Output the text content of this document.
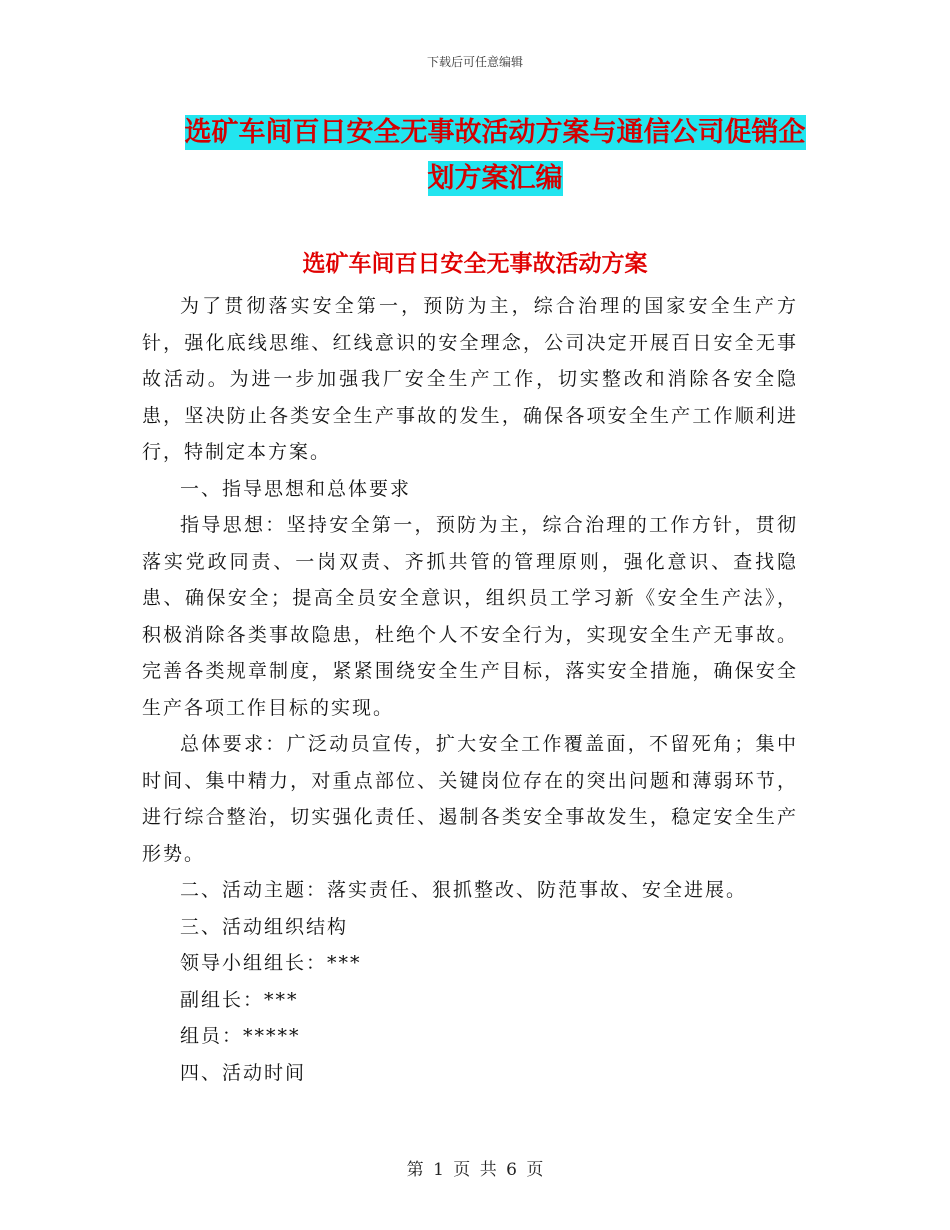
下载后可任意编辑
选矿车间百日安全无事故活动方案与通信公司促销企
划方案汇编
选矿车间百日安全无事故活动方案

为了贯彻落实安全第一，预防为主，综合治理的国家安全生产方针，强化底线思维、红线意识的安全理念，公司决定开展百日安全无事故活动。为进一步加强我厂安全生产工作，切实整改和消除各安全隐患，坚决防止各类安全生产事故的发生，确保各项安全生产工作顺利进行，特制定本方案。

一、指导思想和总体要求

指导思想：坚持安全第一，预防为主，综合治理的工作方针，贯彻落实党政同责、一岗双责、齐抓共管的管理原则，强化意识、查找隐患、确保安全；提高全员安全意识，组织员工学习新《安全生产法》，积极消除各类事故隐患，杜绝个人不安全行为，实现安全生产无事故。完善各类规章制度，紧紧围绕安全生产目标，落实安全措施，确保安全生产各项工作目标的实现。

总体要求：广泛动员宣传，扩大安全工作覆盖面，不留死角；集中时间、集中精力，对重点部位、关键岗位存在的突出问题和薄弱环节，进行综合整治，切实强化责任、遏制各类安全事故发生，稳定安全生产形势。

二、活动主题：落实责任、狠抓整改、防范事故、安全进展。

三、活动组织结构

领导小组组长：***

副组长：***

组员：*****

四、活动时间

第 1 页 共 6 页
